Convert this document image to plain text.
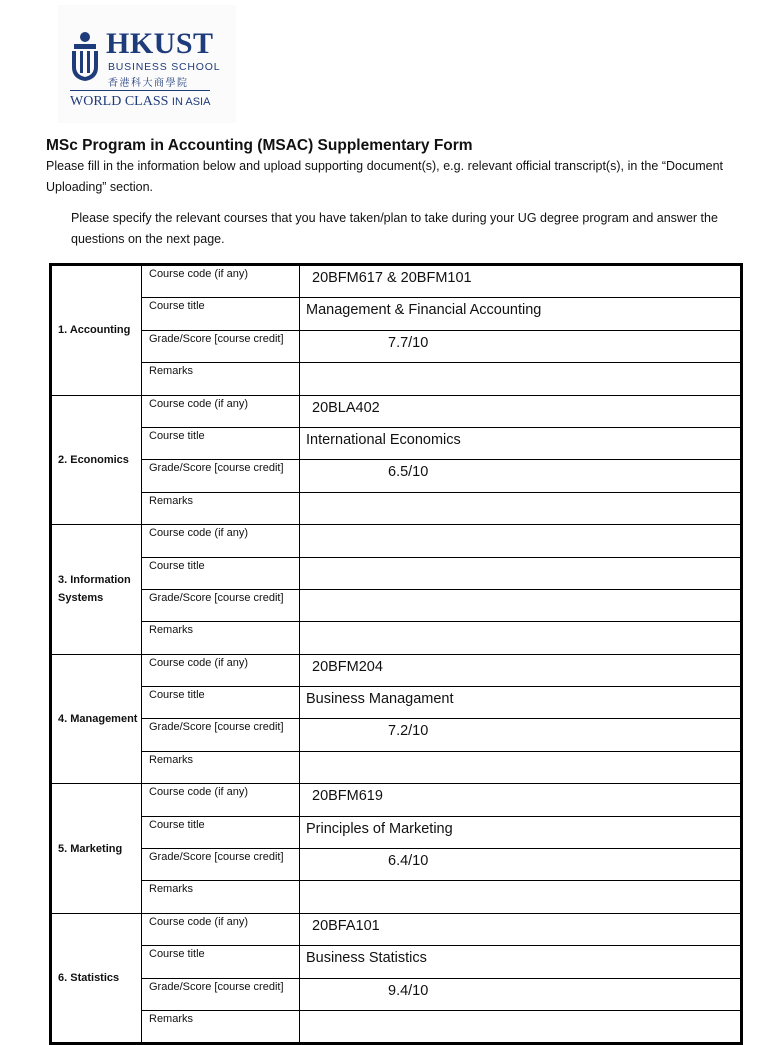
HKUST
BUSINESS SCHOOL
香港科大商學院
WORLD CLASS IN ASIA
MSc Program in Accounting (MSAC) Supplementary Form
Please fill in the information below and upload supporting document(s), e.g. relevant official transcript(s), in the “Document Uploading” section.
Please specify the relevant courses that you have taken/plan to take during your UG degree program and answer the questions on the next page.
1. Accounting	Course code (if any)	20BFM617 & 20BFM101
	Course title	Management & Financial Accounting
	Grade/Score [course credit]	7.7/10
	Remarks	
2. Economics	Course code (if any)	20BLA402
	Course title	International Economics
	Grade/Score [course credit]	6.5/10
	Remarks	
3. Information Systems	Course code (if any)	
	Course title	
	Grade/Score [course credit]	
	Remarks	
4. Management	Course code (if any)	20BFM204
	Course title	Business Managament
	Grade/Score [course credit]	7.2/10
	Remarks	
5. Marketing	Course code (if any)	20BFM619
	Course title	Principles of Marketing
	Grade/Score [course credit]	6.4/10
	Remarks	
6. Statistics	Course code (if any)	20BFA101
	Course title	Business Statistics
	Grade/Score [course credit]	9.4/10
	Remarks	
